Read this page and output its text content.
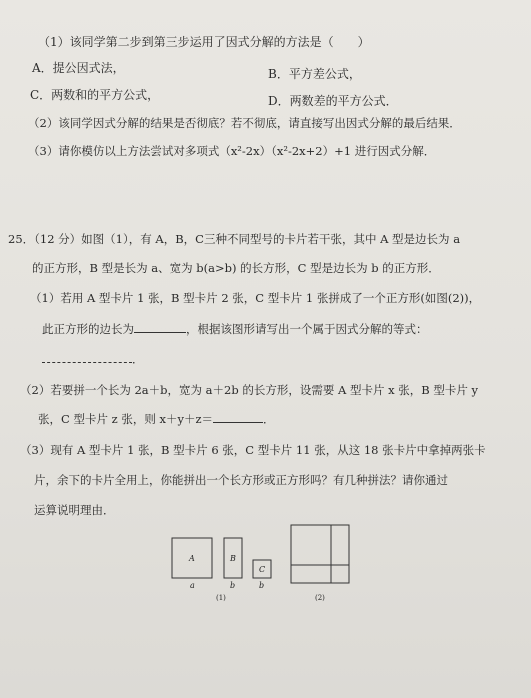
（1）该同学第二步到第三步运用了因式分解的方法是（　　）
A．提公因式法，	B．平方差公式，
C．两数和的平方公式，	D．两数差的平方公式．
（2）该同学因式分解的结果是否彻底？若不彻底，请直接写出因式分解的最后结果．
（3）请你模仿以上方法尝试对多项式（x²-2x）（x²-2x+2）+1 进行因式分解．
25．（12 分）如图（1），有 A，B，C三种不同型号的卡片若干张，其中 A 型是边长为 a
的正方形，B 型是长为 a、宽为 b(a>b) 的长方形，C 型是边长为 b 的正方形．
（1）若用 A 型卡片 1 张，B 型卡片 2 张，C 型卡片 1 张拼成了一个正方形(如图(2))，
此正方形的边长为	，根据该图形请写出一个属于因式分解的等式：
．
（2）若要拼一个长为 2a＋b，宽为 a＋2b 的长方形，设需要 A 型卡片 x 张，B 型卡片 y
张，C 型卡片 z 张，则 x＋y＋z＝	．
（3）现有 A 型卡片 1 张，B 型卡片 6 张，C 型卡片 11 张，从这 18 张卡片中拿掉两张卡
片，余下的卡片全用上，你能拼出一个长方形或正方形吗？有几种拼法？请你通过
运算说明理由．
A	B
C
a	b	b
(1)	(2)
